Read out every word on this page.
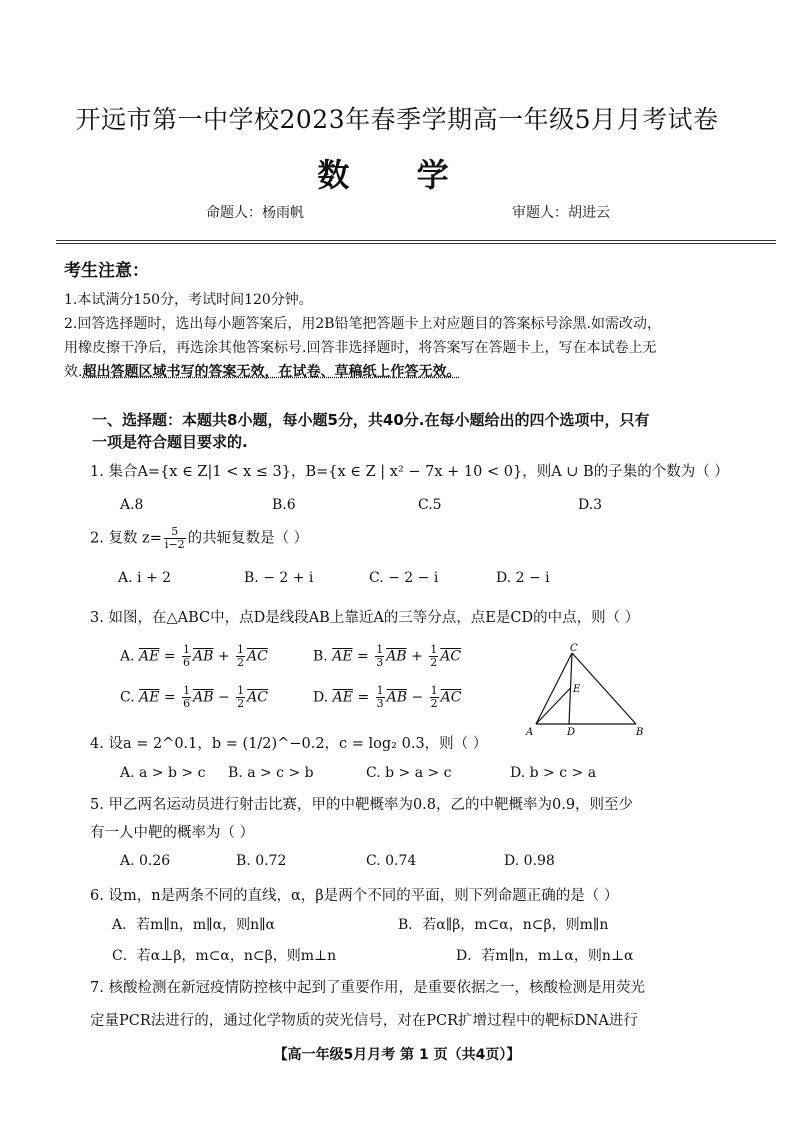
开远市第一中学校2023年春季学期高一年级5月月考试卷
数 学
命题人：杨雨帆	审题人：胡进云
考生注意：
1.本试满分150分，考试时间120分钟。
2.回答选择题时，选出每小题答案后，用2B铅笔把答题卡上对应题目的答案标号涂黑.如需改动，
用橡皮擦干净后，再选涂其他答案标号.回答非选择题时，将答案写在答题卡上，写在本试卷上无
效.超出答题区域书写的答案无效，在试卷、草稿纸上作答无效。
一、选择题：本题共8小题，每小题5分，共40分.在每小题给出的四个选项中，只有
一项是符合题目要求的.
1. 集合A={x ∈ Z|1 < x ≤ 3}，B={x ∈ Z | x² − 7x + 10 < 0}，则A ∪ B的子集的个数为（ ）
A.8	B.6	C.5	D.3
2. 复数 $z= \frac{5}{i-2}$ 的共轭复数是（ ）
A. i + 2	B. − 2 + i	C. − 2 − i	D. 2 − i
3. 如图，在△ABC中，点D是线段AB上靠近A的三等分点，点E是CD的中点，则（ ）
A. $\overline{AE} = \frac{1}{6} \overline{AB} + \frac{1}{2} \overline{AC}$	B. $\overline{AE} = \frac{1}{3} \overline{AB} + \frac{1}{2} \overline{AC}$
C. $\overline{AE} = \frac{1}{6} \overline{AB} - \frac{1}{2} \overline{AC}$	D. $\overline{AE} = \frac{1}{3} \overline{AB} - \frac{1}{2} \overline{AC}$
C
E
A	D	B
4. 设a = 2^0.1，b = (1/2)^−0.2，c = log₂ 0.3，则（ ）
A. a > b > c B. a > c > b	C. b > a > c	D. b > c > a
5. 甲乙两名运动员进行射击比赛，甲的中靶概率为0.8，乙的中靶概率为0.9，则至少
有一人中靶的概率为（ ）
A. 0.26	B. 0.72	C. 0.74	D. 0.98
6. 设m，n是两条不同的直线，α，β是两个不同的平面，则下列命题正确的是（ ）
A．若m∥n，m∥α，则n∥α	B．若α∥β，m⊂α，n⊂β，则m∥n
C．若α⊥β，m⊂α，n⊂β，则m⊥n	D．若m∥n，m⊥α，则n⊥α
7. 核酸检测在新冠疫情防控核中起到了重要作用，是重要依据之一，核酸检测是用荧光
定量PCR法进行的，通过化学物质的荧光信号，对在PCR扩增过程中的靶标DNA进行
【高一年级5月月考 第 1 页（共4页）】
